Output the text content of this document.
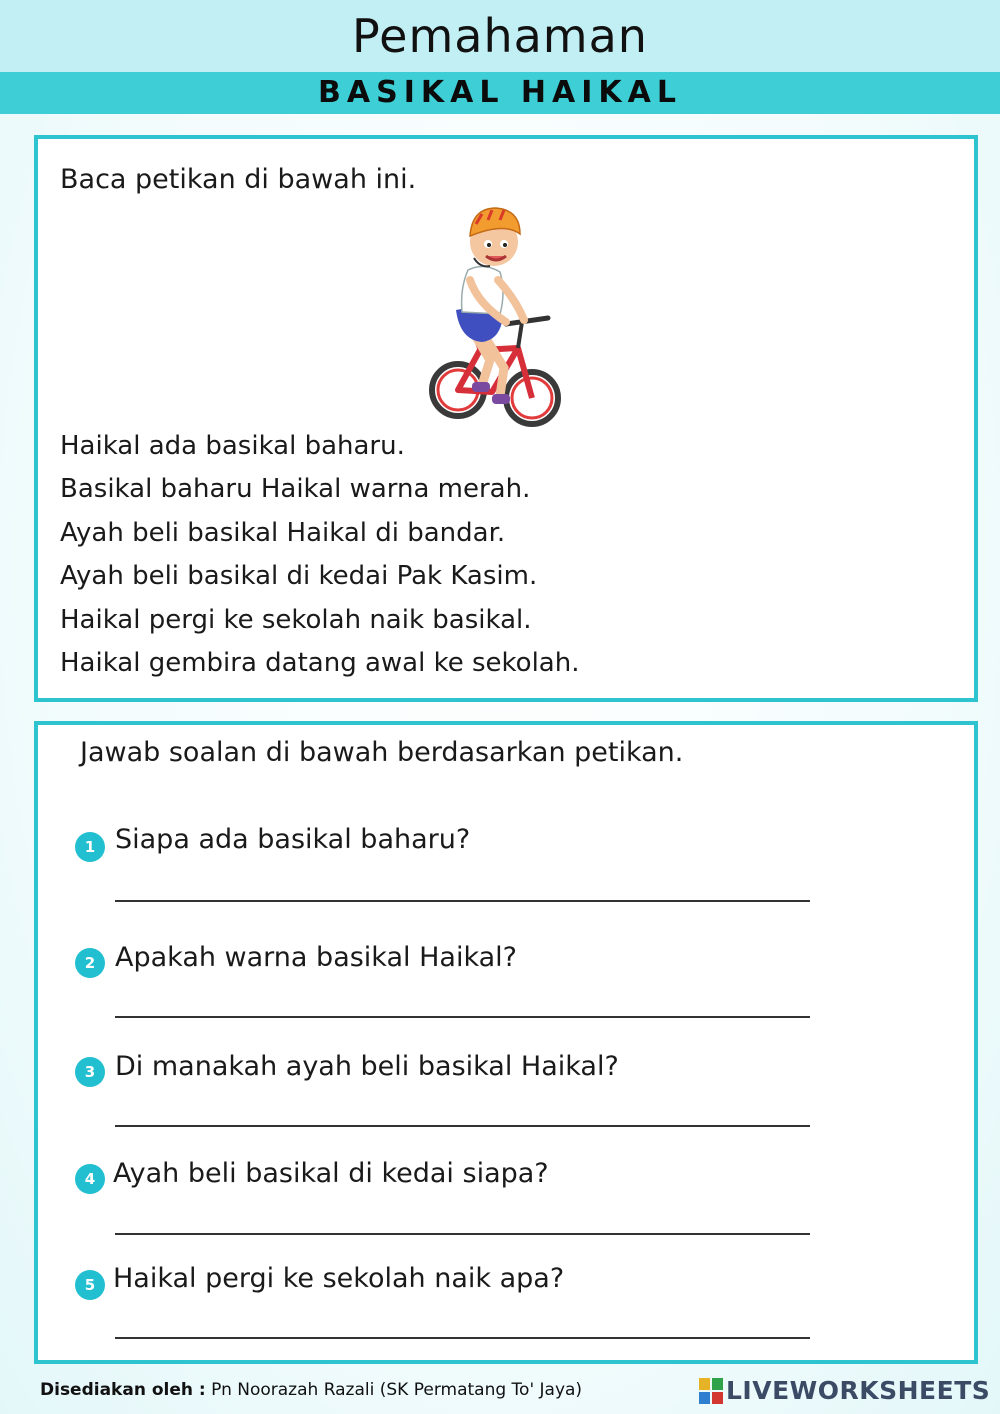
Pemahaman
BASIKAL HAIKAL
Baca petikan di bawah ini.
Haikal ada basikal baharu.
Basikal baharu Haikal warna merah.
Ayah beli basikal Haikal di bandar.
Ayah beli basikal di kedai Pak Kasim.
Haikal pergi ke sekolah naik basikal.
Haikal gembira datang awal ke sekolah.
Jawab soalan di bawah berdasarkan petikan.
1 Siapa ada basikal baharu?
2 Apakah warna basikal Haikal?
3 Di manakah ayah beli basikal Haikal?
4 Ayah beli basikal di kedai siapa?
5 Haikal pergi ke sekolah naik apa?
Disediakan oleh : Pn Noorazah Razali (SK Permatang To' Jaya)	LIVEWORKSHEETS
